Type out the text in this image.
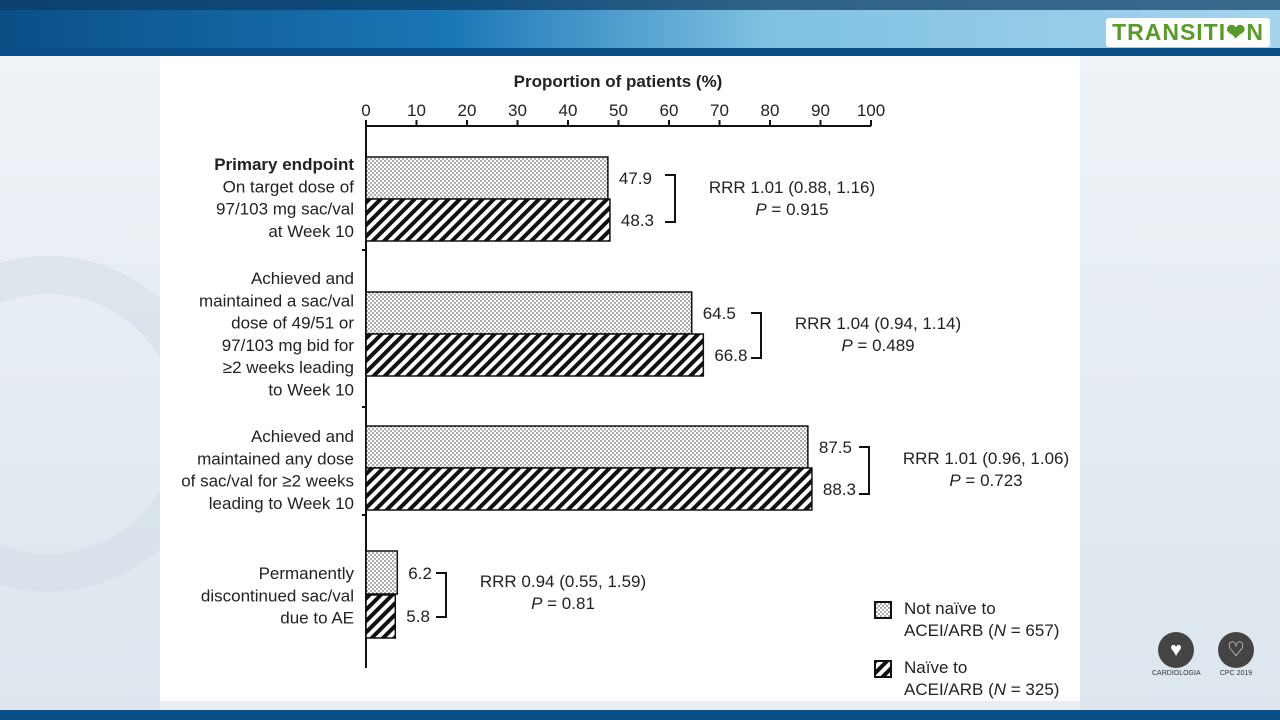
TRANSITI❤N
Proportion of patients (%)
0 10 20 30 40 50 60 70 80 90 100
47.9
48.3
64.5
66.8
87.5
88.3
6.2
5.8
Primary endpoint
On target dose of
97/103 mg sac/val
at Week 10
Achieved and
maintained a sac/val
dose of 49/51 or
97/103 mg bid for
≥2 weeks leading
to Week 10
Achieved and
maintained any dose
of sac/val for ≥2 weeks
leading to Week 10
Permanently
discontinued sac/val
due to AE
RRR 1.01 (0.88, 1.16)
P = 0.915
RRR 1.04 (0.94, 1.14)
P = 0.489
RRR 1.01 (0.96, 1.06)
P = 0.723
RRR 0.94 (0.55, 1.59)
P = 0.81	Not naïve to
ACEI/ARB (N = 657)
Naïve to
ACEI/ARB (N = 325)
♥
CARDIOLOGIA
♡
CPC 2019
